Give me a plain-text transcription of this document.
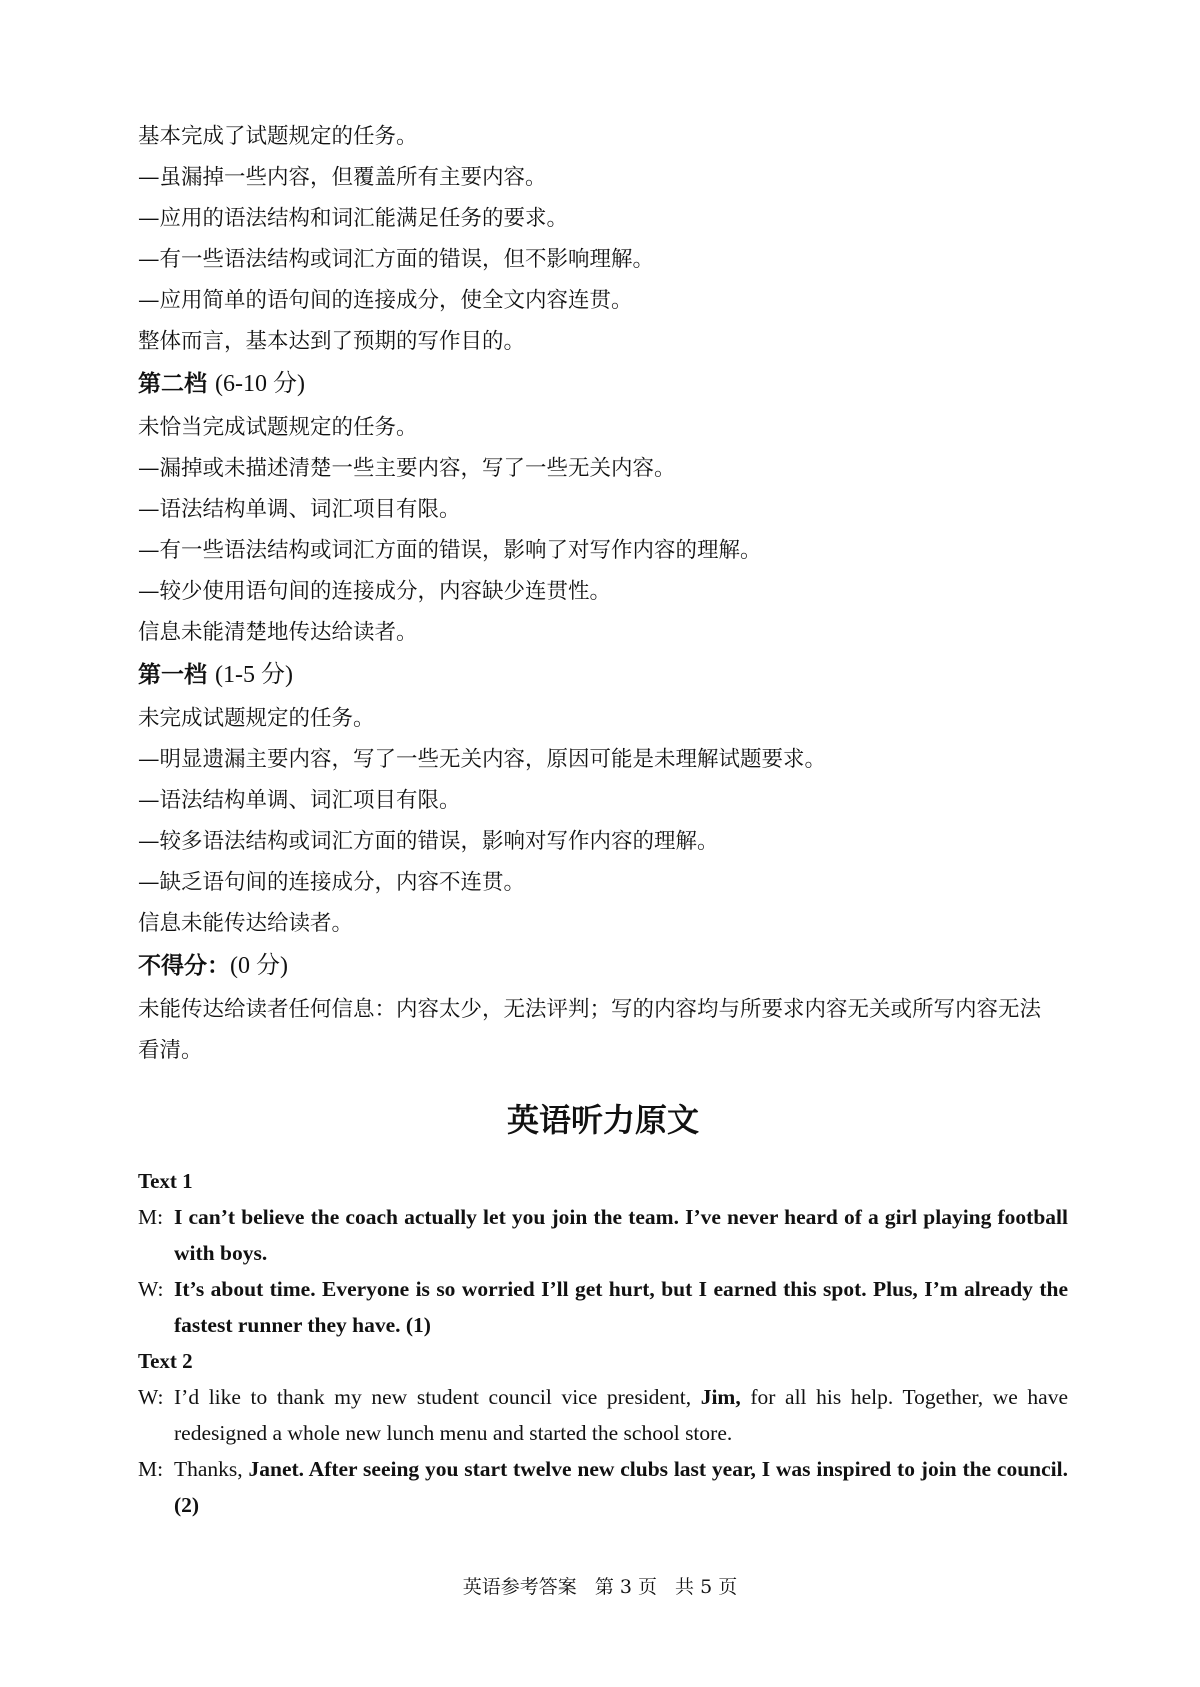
基本完成了试题规定的任务。
—虽漏掉一些内容，但覆盖所有主要内容。
—应用的语法结构和词汇能满足任务的要求。
—有一些语法结构或词汇方面的错误，但不影响理解。
—应用简单的语句间的连接成分，使全文内容连贯。
整体而言，基本达到了预期的写作目的。
第二档 (6-10 分)
未恰当完成试题规定的任务。
—漏掉或未描述清楚一些主要内容，写了一些无关内容。
—语法结构单调、词汇项目有限。
—有一些语法结构或词汇方面的错误，影响了对写作内容的理解。
—较少使用语句间的连接成分，内容缺少连贯性。
信息未能清楚地传达给读者。
第一档 (1-5 分)
未完成试题规定的任务。
—明显遗漏主要内容，写了一些无关内容，原因可能是未理解试题要求。
—语法结构单调、词汇项目有限。
—较多语法结构或词汇方面的错误，影响对写作内容的理解。
—缺乏语句间的连接成分，内容不连贯。
信息未能传达给读者。
不得分：(0 分)
未能传达给读者任何信息：内容太少，无法评判；写的内容均与所要求内容无关或所写内容无法看清。
英语听力原文
Text 1
M: I can’t believe the coach actually let you join the team. I’ve never heard of a girl playing football with boys.
W: It’s about time. Everyone is so worried I’ll get hurt, but I earned this spot. Plus, I’m already the fastest runner they have. (1)
Text 2
W: I’d like to thank my new student council vice president, Jim, for all his help. Together, we have redesigned a whole new lunch menu and started the school store.
M: Thanks, Janet. After seeing you start twelve new clubs last year, I was inspired to join the council. (2)
英语参考答案 第 3 页 共 5 页
